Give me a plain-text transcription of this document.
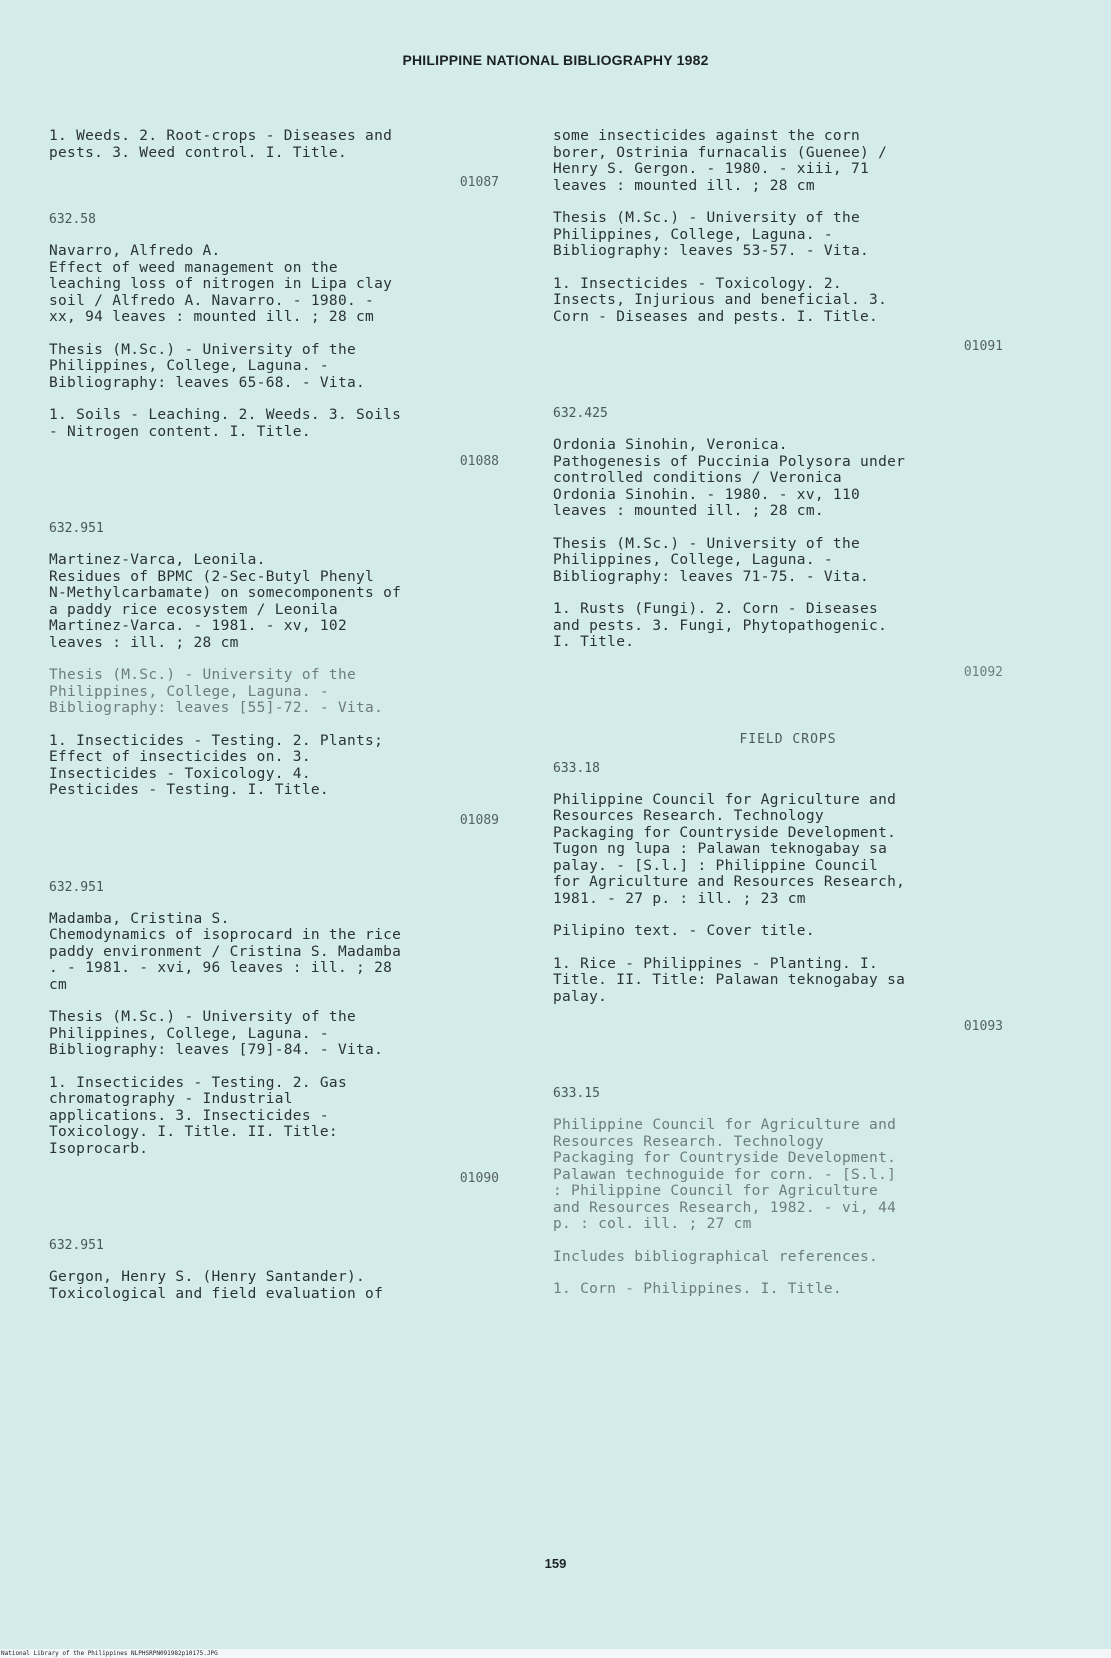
PHILIPPINE NATIONAL BIBLIOGRAPHY 1982

1. Weeds. 2. Root-crops - Diseases and
pests. 3. Weed control. I. Title.

01087

632.58

Navarro, Alfredo A.
Effect of weed management on the
leaching loss of nitrogen in Lipa clay
soil / Alfredo A. Navarro. - 1980. -
xx, 94 leaves : mounted ill. ; 28 cm

Thesis (M.Sc.) - University of the
Philippines, College, Laguna. -
Bibliography: leaves 65-68. - Vita.

1. Soils - Leaching. 2. Weeds. 3. Soils
- Nitrogen content. I. Title.

01088

632.951

Martinez-Varca, Leonila.
Residues of BPMC (2-Sec-Butyl Phenyl
N-Methylcarbamate) on somecomponents of
a paddy rice ecosystem / Leonila
Martinez-Varca. - 1981. - xv, 102
leaves : ill. ; 28 cm

Thesis (M.Sc.) - University of the
Philippines, College, Laguna. -
Bibliography: leaves [55]-72. - Vita.

1. Insecticides - Testing. 2. Plants;
Effect of insecticides on. 3.
Insecticides - Toxicology. 4.
Pesticides - Testing. I. Title.

01089

632.951

Madamba, Cristina S.
Chemodynamics of isoprocard in the rice
paddy environment / Cristina S. Madamba
. - 1981. - xvi, 96 leaves : ill. ; 28
cm

Thesis (M.Sc.) - University of the
Philippines, College, Laguna. -
Bibliography: leaves [79]-84. - Vita.

1. Insecticides - Testing. 2. Gas
chromatography - Industrial
applications. 3. Insecticides -
Toxicology. I. Title. II. Title:
Isoprocarb.

01090

632.951

Gergon, Henry S. (Henry Santander).
Toxicological and field evaluation of

some insecticides against the corn
borer, Ostrinia furnacalis (Guenee) /
Henry S. Gergon. - 1980. - xiii, 71
leaves : mounted ill. ; 28 cm

Thesis (M.Sc.) - University of the
Philippines, College, Laguna. -
Bibliography: leaves 53-57. - Vita.

1. Insecticides - Toxicology. 2.
Insects, Injurious and beneficial. 3.
Corn - Diseases and pests. I. Title.

01091

632.425

Ordonia Sinohin, Veronica.
Pathogenesis of Puccinia Polysora under
controlled conditions / Veronica
Ordonia Sinohin. - 1980. - xv, 110
leaves : mounted ill. ; 28 cm.

Thesis (M.Sc.) - University of the
Philippines, College, Laguna. -
Bibliography: leaves 71-75. - Vita.

1. Rusts (Fungi). 2. Corn - Diseases
and pests. 3. Fungi, Phytopathogenic.
I. Title.

01092

FIELD CROPS

633.18

Philippine Council for Agriculture and
Resources Research. Technology
Packaging for Countryside Development.
Tugon ng lupa : Palawan teknogabay sa
palay. - [S.l.] : Philippine Council
for Agriculture and Resources Research,
1981. - 27 p. : ill. ; 23 cm

Pilipino text. - Cover title.

1. Rice - Philippines - Planting. I.
Title. II. Title: Palawan teknogabay sa
palay.

01093

633.15

Philippine Council for Agriculture and
Resources Research. Technology
Packaging for Countryside Development.
Palawan technoguide for corn. - [S.l.]
: Philippine Council for Agriculture
and Resources Research, 1982. - vi, 44
p. : col. ill. ; 27 cm

Includes bibliographical references.

1. Corn - Philippines. I. Title.

159
National Library of the Philippines NLPHSRPN091982p10175.JPG
